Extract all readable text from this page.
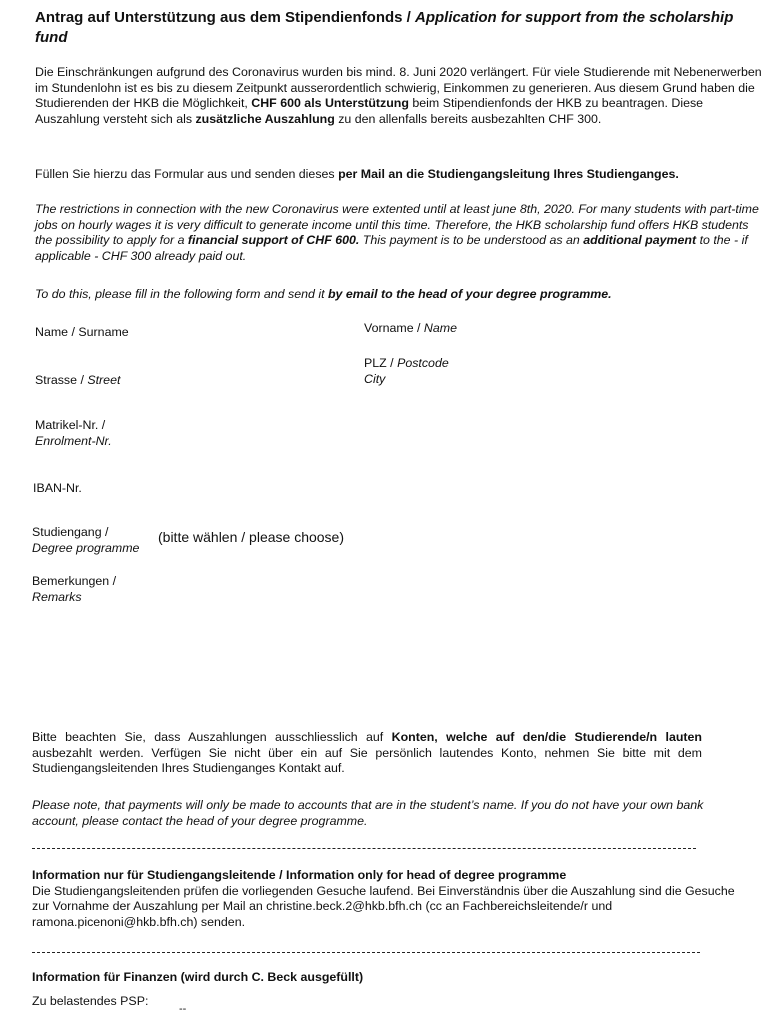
Antrag auf Unterstützung aus dem Stipendienfonds / Application for support from the scholarship fund
Die Einschränkungen aufgrund des Coronavirus wurden bis mind. 8. Juni 2020 verlängert. Für viele Studierende mit Nebenerwerben im Stundenlohn ist es bis zu diesem Zeitpunkt ausserordentlich schwierig, Einkommen zu generieren. Aus diesem Grund haben die Studierenden der HKB die Möglichkeit, CHF 600 als Unterstützung beim Stipendienfonds der HKB zu beantragen. Diese Auszahlung versteht sich als zusätzliche Auszahlung zu den allenfalls bereits ausbezahlten CHF 300.
Füllen Sie hierzu das Formular aus und senden dieses per Mail an die Studiengangsleitung Ihres Studienganges.
The restrictions in connection with the new Coronavirus were extented until at least june 8th, 2020. For many students with part-time jobs on hourly wages it is very difficult to generate income until this time. Therefore, the HKB scholarship fund offers HKB students the possibility to apply for a financial support of CHF 600. This payment is to be understood as an additional payment to the - if applicable - CHF 300 already paid out.
To do this, please fill in the following form and send it by email to the head of your degree programme.
Name / Surname	Vorname / Name
Strasse / Street
PLZ / Postcode
City
Matrikel-Nr. /
Enrolment-Nr.
IBAN-Nr.
Studiengang /
Degree programme
(bitte wählen / please choose)
Bemerkungen /
Remarks
Bitte beachten Sie, dass Auszahlungen ausschliesslich auf Konten, welche auf den/die Studierende/n lauten ausbezahlt werden. Verfügen Sie nicht über ein auf Sie persönlich lautendes Konto, nehmen Sie bitte mit dem Studiengangsleitenden Ihres Studienganges Kontakt auf.
Please note, that payments will only be made to accounts that are in the student’s name. If you do not have your own bank account, please contact the head of your degree programme.
Information nur für Studiengangsleitende / Information only for head of degree programme
Die Studiengangsleitenden prüfen die vorliegenden Gesuche laufend. Bei Einverständnis über die Auszahlung sind die Gesuche zur Vornahme der Auszahlung per Mail an christine.beck.2@hkb.bfh.ch (cc an Fachbereichsleitende/r und ramona.picenoni@hkb.bfh.ch) senden.
Information für Finanzen (wird durch C. Beck ausgefüllt)
Zu belastendes PSP:
--
